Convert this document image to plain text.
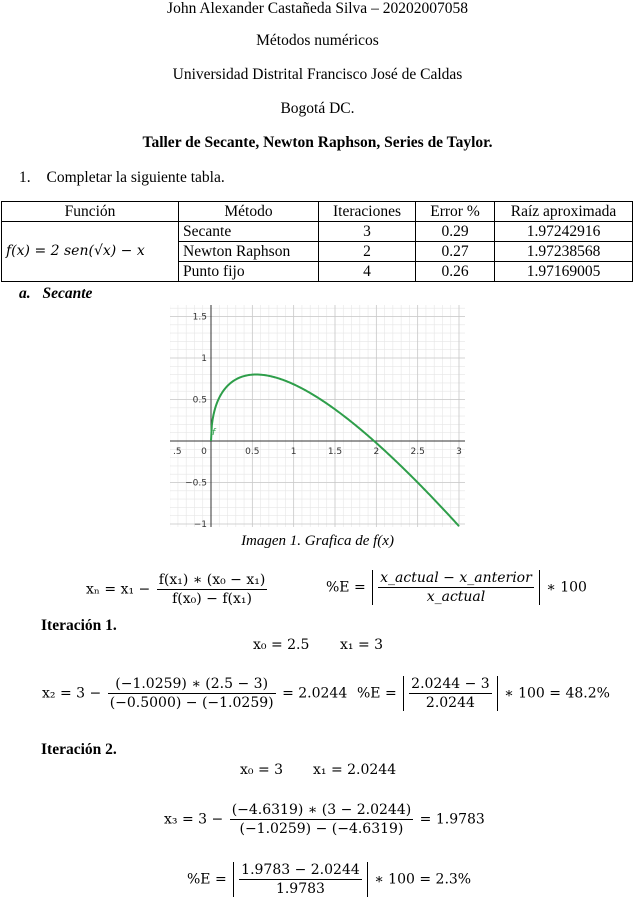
John Alexander Castañeda Silva – 20202007058
Métodos numéricos
Universidad Distrital Francisco José de Caldas
Bogotá DC.
Taller de Secante, Newton Raphson, Series de Taylor.
1. Completar la siguiente tabla.
Función	Método	Iteraciones	Error %	Raíz aproximada
f(x) = 2 sen(√x) − x	Secante	3	0.29	1.97242916
	Newton Raphson	2	0.27	1.97238568
	Punto fijo	4	0.26	1.97169005
a. Secante
0	0.5	1	1.5	2	2.5	3
.5
1.5
1
0.5
−0.5
−1
f
Imagen 1. Grafica de f(x)
$x_n = x_1 - \frac{\text{f(x₁) ∗ (x₀ − x₁)}}{\text{f(x₀) − f(x₁)}}$	$\%E = \frac{\text{x\_actual − x\_anterior}}{\text{x\_actual}}$ ∗ 100
Iteración 1.
x₀ = 2.5 x₁ = 3
$x_2 = 3 - \frac{(-1.0259) ∗ (2.5 - 3)}{(-0.5000) - (-1.0259)} = 2.0244$ $\%E = \frac{2.0244 - 3}{2.0244}$ ∗ 100 = 48.2%
Iteración 2.
x₀ = 3 x₁ = 2.0244
$x_3 = 3 - \frac{(-4.6319) ∗ (3 - 2.0244)}{(-1.0259) - (-4.6319)} = 1.9783$
$\%E = \frac{1.9783 - 2.0244}{1.9783}$ ∗ 100 = 2.3%
